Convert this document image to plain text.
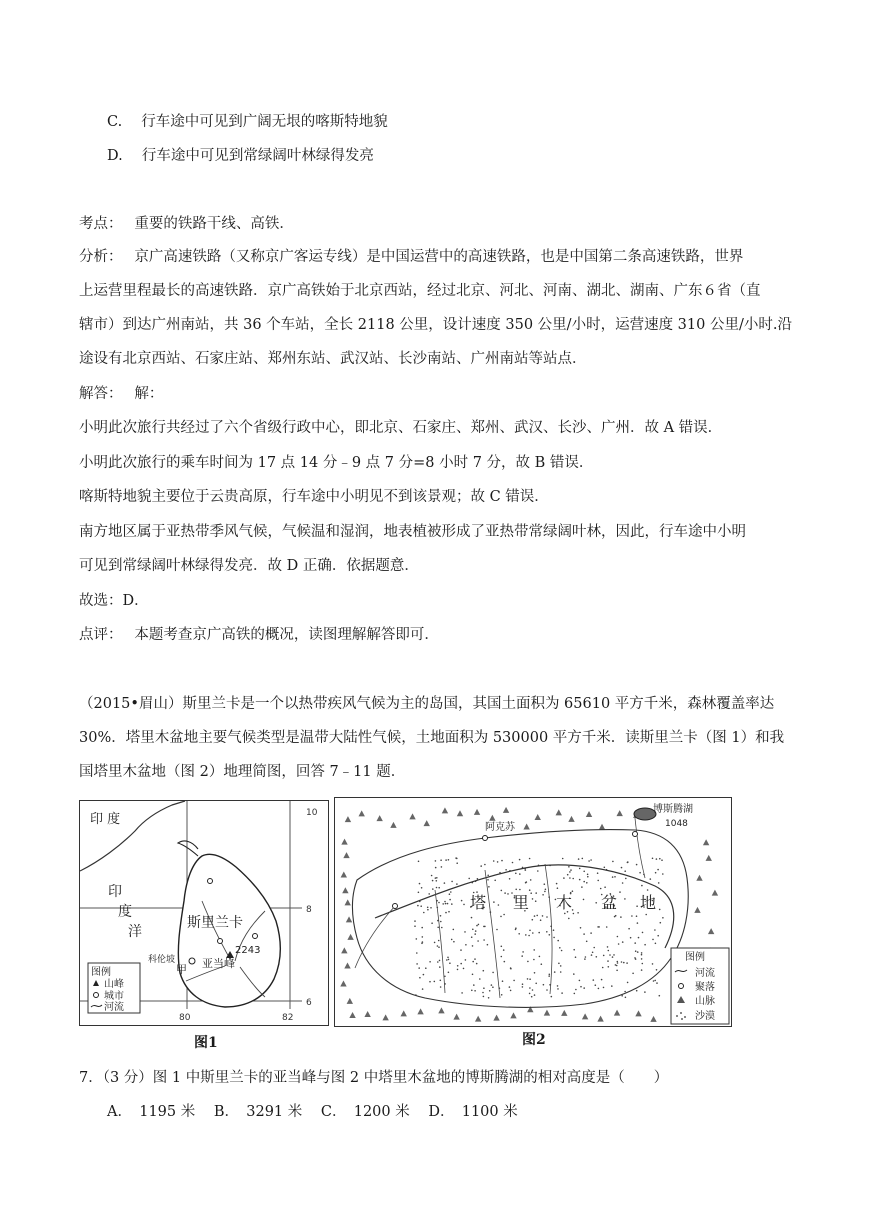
C.　 行车途中可见到广阔无垠的喀斯特地貌
D.　 行车途中可见到常绿阔叶林绿得发亮
考点：　 重要的铁路干线、高铁．
分析：　 京广高速铁路（又称京广客运专线）是中国运营中的高速铁路，也是中国第二条高速铁路，世界
上运营里程最长的高速铁路．京广高铁始于北京西站，经过北京、河北、河南、湖北、湖南、广东６省（直
辖市）到达广州南站，共 36 个车站，全长 2118 公里，设计速度 350 公里/小时，运营速度 310 公里/小时.沿
途设有北京西站、石家庄站、郑州东站、武汉站、长沙南站、广州南站等站点．
解答：　 解：
小明此次旅行共经过了六个省级行政中心，即北京、石家庄、郑州、武汉、长沙、广州．故 A 错误．
小明此次旅行的乘车时间为 17 点 14 分﹣9 点 7 分=8 小时 7 分，故 B 错误．
喀斯特地貌主要位于云贵高原，行车途中小明见不到该景观；故 C 错误．
南方地区属于亚热带季风气候，气候温和湿润，地表植被形成了亚热带常绿阔叶林，因此，行车途中小明
可见到常绿阔叶林绿得发亮．故 D 正确．依据题意．
故选：D．
点评：　 本题考查京广高铁的概况，读图理解解答即可．
（2015•眉山）斯里兰卡是一个以热带疾风气候为主的岛国，其国土面积为 65610 平方千米，森林覆盖率达
30%．塔里木盆地主要气候类型是温带大陆性气候，土地面积为 530000 平方千米．读斯里兰卡（图 1）和我
国塔里木盆地（图 2）地理简图，回答 7﹣11 题．
印 度
印
度
洋
斯里兰卡
2243
亚当峰
科伦坡
甲
10
8
6
80	82
图例
山峰
城市
河流
图1
博斯腾湖
1048
阿克苏
塔 里 木 盆 地
图例
河流
聚落
山脉
沙漠
图2
7．（3 分）图 1 中斯里兰卡的亚当峰与图 2 中塔里木盆地的博斯腾湖的相对高度是（　　）
A．　1195 米 B．　3291 米 C．　1200 米 D．　1100 米
